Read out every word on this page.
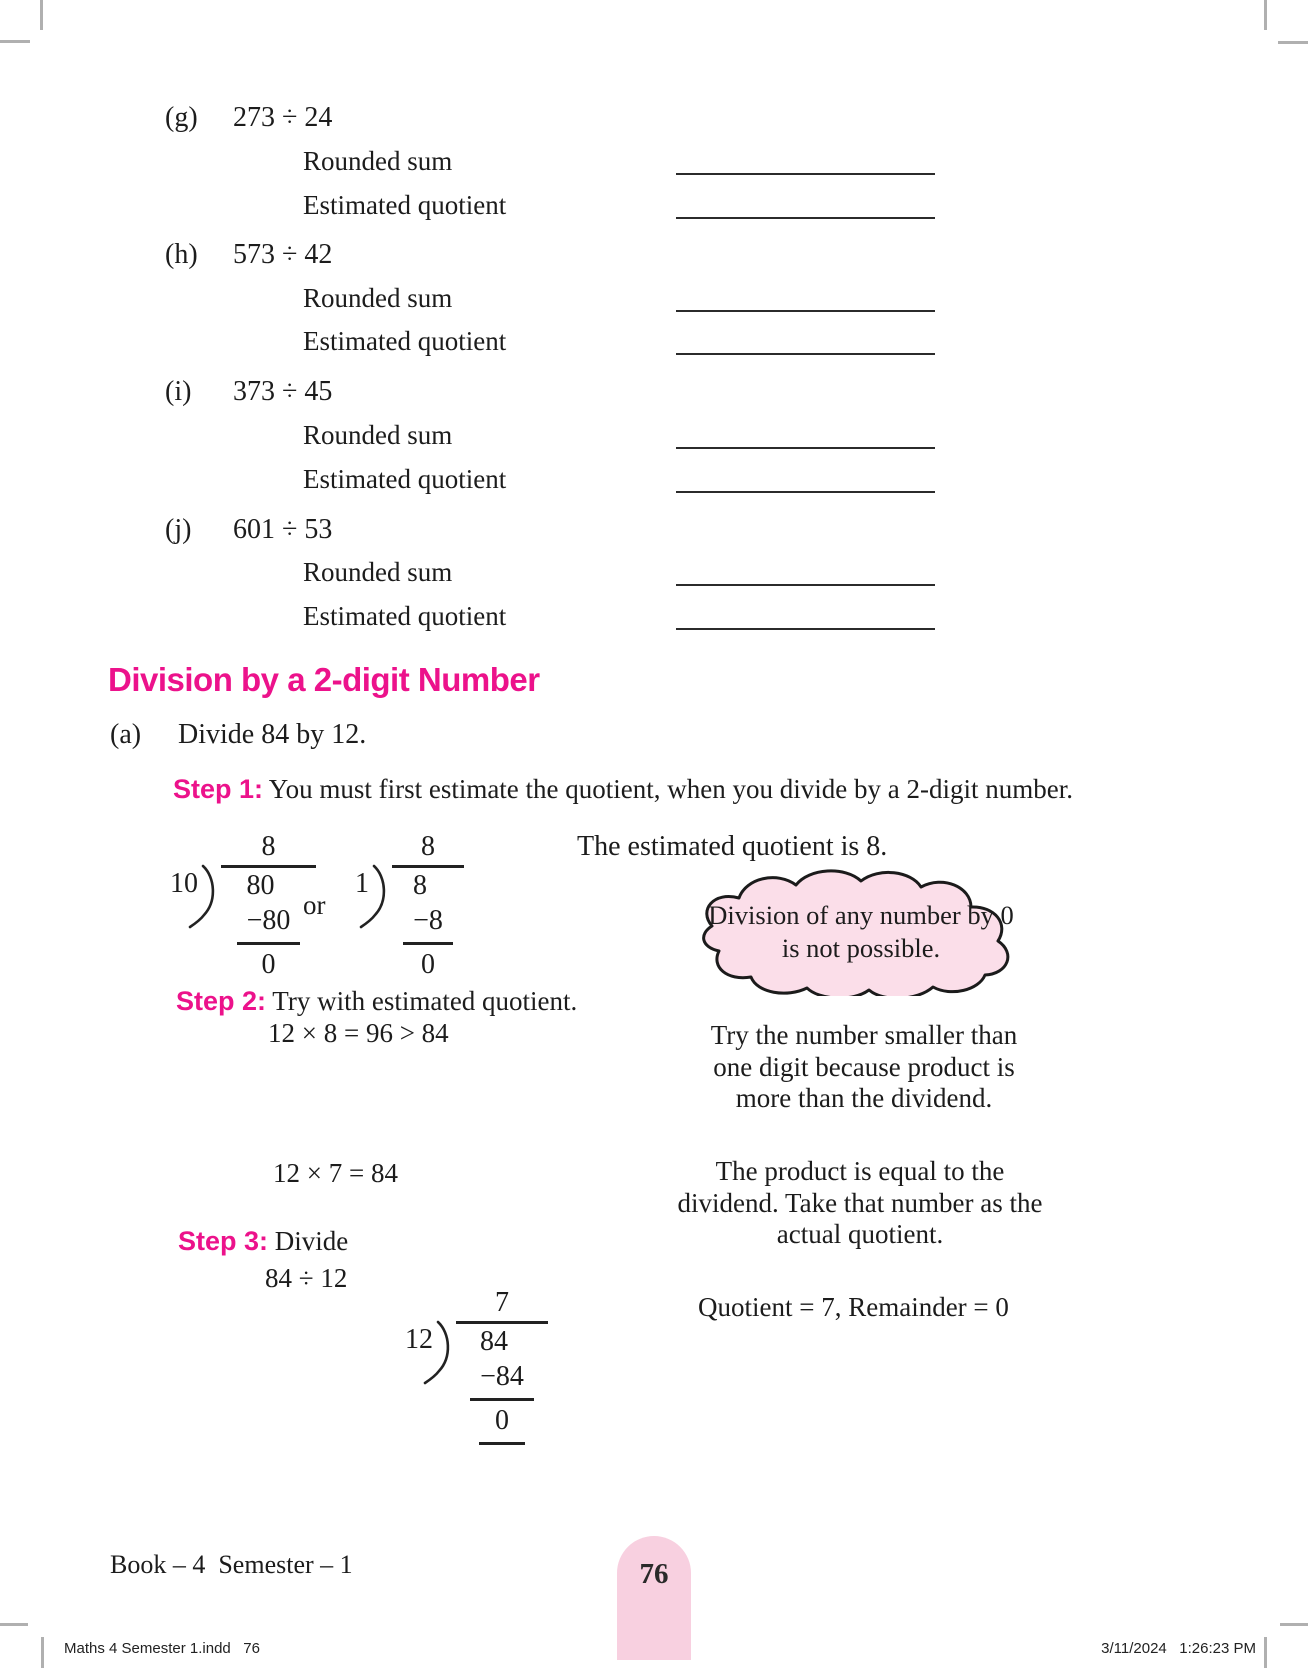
(g) 273 ÷ 24
Rounded sum
Estimated quotient
(h) 573 ÷ 42
Rounded sum
Estimated quotient
(i) 373 ÷ 45
Rounded sum
Estimated quotient
(j) 601 ÷ 53
Rounded sum
Estimated quotient
Division by a 2-digit Number
(a) Divide 84 by 12.
Step 1: You must first estimate the quotient, when you divide by a 2-digit number.
10
8
80
−80
0
or
1
8
8
−8
0
The estimated quotient is 8.
Division of any number by 0 is not possible.
Step 2: Try with estimated quotient.
12 × 8 = 96 > 84	Try the number smaller than one digit because product is more than the dividend.
12 × 7 = 84	The product is equal to the dividend. Take that number as the actual quotient.
Step 3: Divide
84 ÷ 12
12
7
84
−84
0
Quotient = 7, Remainder = 0
Book – 4  Semester – 1	76
Maths 4 Semester 1.indd   76	3/11/2024   1:26:23 PM
